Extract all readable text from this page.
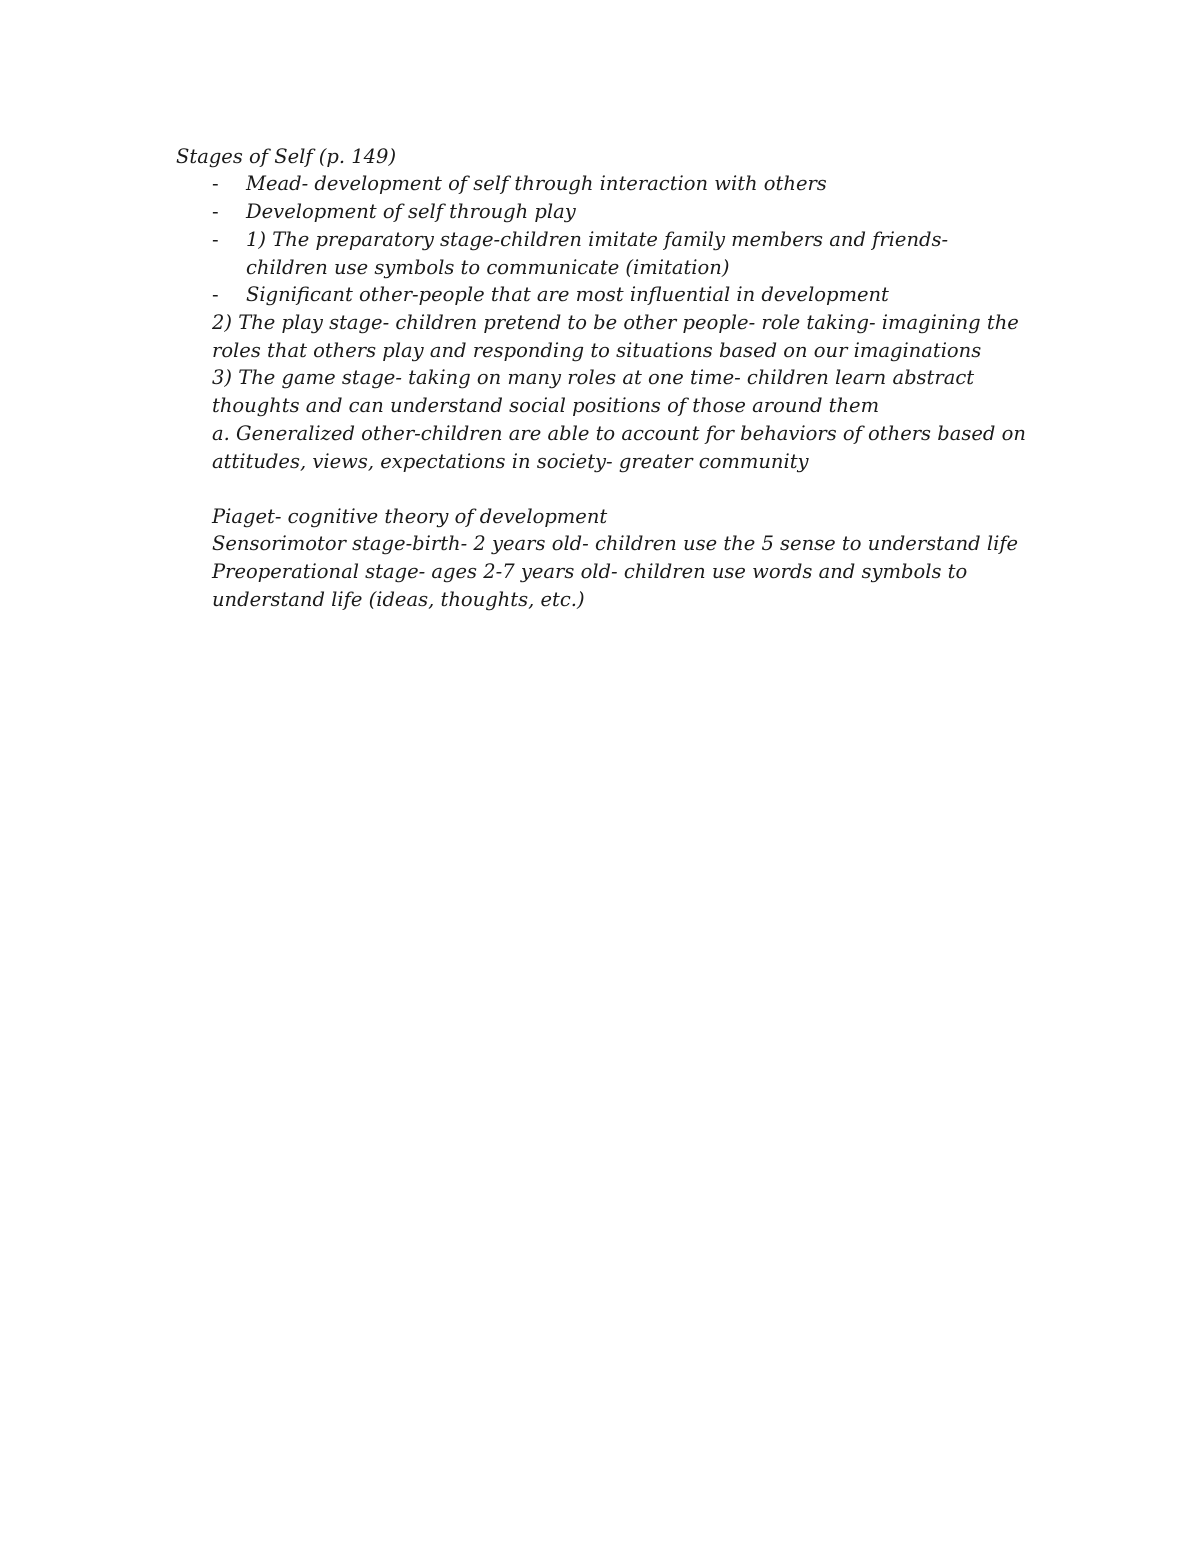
Stages of Self (p. 149)
- Mead- development of self through interaction with others
- Development of self through play
- 1) The preparatory stage-children imitate family members and friends-
children use symbols to communicate (imitation)
- Significant other-people that are most influential in development
2) The play stage- children pretend to be other people- role taking- imagining the
roles that others play and responding to situations based on our imaginations
3) The game stage- taking on many roles at one time- children learn abstract
thoughts and can understand social positions of those around them
a. Generalized other-children are able to account for behaviors of others based on
attitudes, views, expectations in society- greater community
Piaget- cognitive theory of development
Sensorimotor stage-birth- 2 years old- children use the 5 sense to understand life
Preoperational stage- ages 2-7 years old- children use words and symbols to
understand life (ideas, thoughts, etc.)
